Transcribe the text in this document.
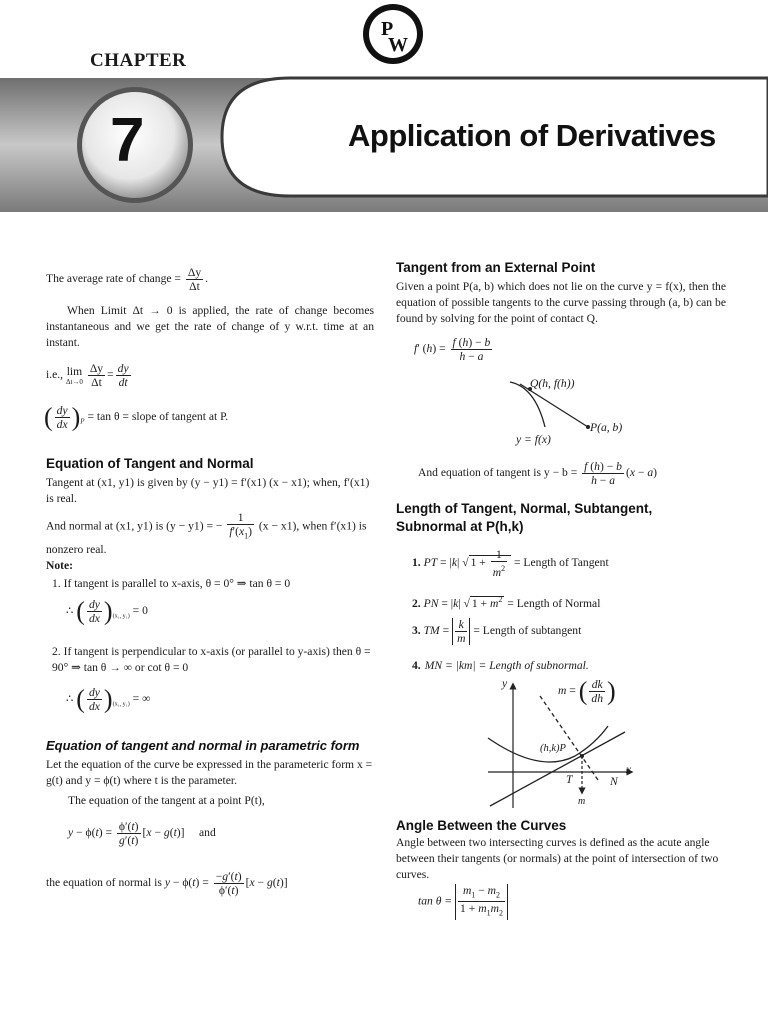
CHAPTER
7	Application of Derivatives
P
W
The average rate of change = $\frac{\Delta y}{\Delta t}$ .
When Limit Δt → 0 is applied, the rate of change becomes instantaneous and we get the rate of change of y w.r.t. time at an instant.
i.e., lim
Δt→0
$\frac{\Delta y}{\Delta t} = \frac{dy}{dt}$
( $\frac{dy}{dx} )_P = \tan \theta$ = slope of tangent at P.
Equation of Tangent and Normal
Tangent at (x1, y1) is given by (y − y1) = f′(x1) (x − x1); when, f′(x1) is real.
And normal at (x1, y1) is (y − y1) = − $\frac{1}{f'(x_1)} (x - x1)$, when f′(x1) is nonzero real.
Note:
1. If tangent is parallel to x-axis, θ = 0° ⇒ tan θ = 0
∴ ( $\frac{dy}{dx} )_{(x_1, y_1)} = 0$
2. If tangent is perpendicular to x-axis (or parallel to y-axis) then θ = 90° ⇒ tan θ → ∞ or cot θ = 0
∴ ( $\frac{dy}{dx} )_{(x_1, y_1)}$ = ∞
Equation of tangent and normal in parametric form
Let the equation of the curve be expressed in the parameteric form x = g(t) and y = ϕ(t) where t is the parameter.
The equation of the tangent at a point P(t),
$y - \phi(t) = \frac{\phi'(t)}{g'(t)} [x - g(t)]$     and
the equation of normal is $y - \phi(t) = \frac{-g'(t)}{\phi'(t)} [x - g(t)]$
Tangent from an External Point
Given a point P(a, b) which does not lie on the curve y = f(x), then the equation of possible tangents to the curve passing through (a, b) can be found by solving for the point of contact Q.
f′ $(h) = \frac{f (h) - b}{h - a}$
Q(h, f(h))
P(a, b)
y = f(x)
And equation of tangent is $y - b = \frac{f (h) - b}{h - a} (x - a)$
Length of Tangent, Normal, Subtangent, Subnormal at P(h,k)
1. PT = |k| √ $1 + \frac{1}{m^2}$ = Length of Tangent
2. PN = |k| √ $1 + m^2$ = Length of Normal
3. TM = $\frac{k}{m}$ = Length of subtangent
4. MN = |km| = Length of subnormal.
y
x
m = ( $\frac{dk}{dh}$ )
(h,k)P
T	N
m
Angle Between the Curves
Angle between two intersecting curves is defined as the acute angle between their tangents (or normals) at the point of intersection of two curves.
$\tan \theta = \frac{m_1 - m_2}{1 + m_1m_2}$
